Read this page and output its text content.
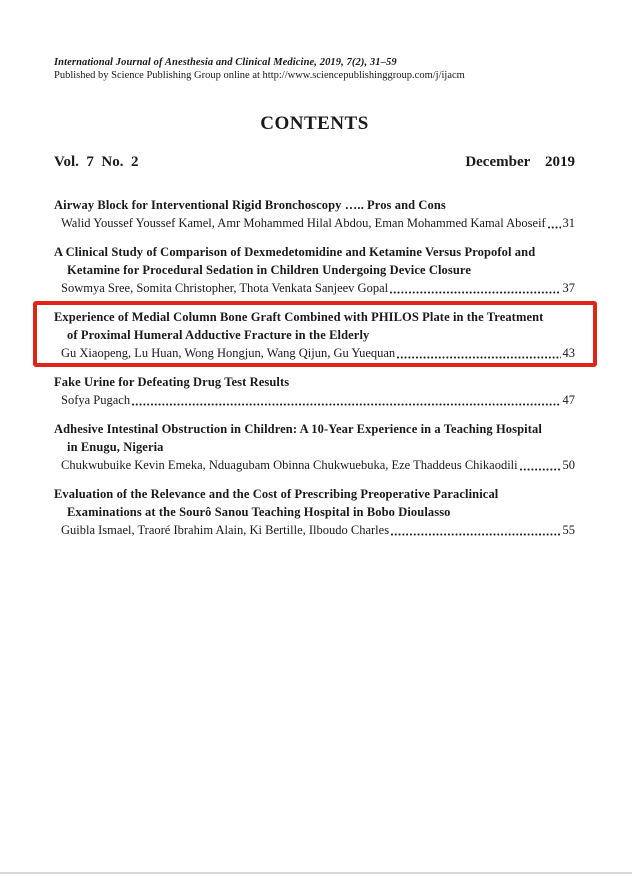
International Journal of Anesthesia and Clinical Medicine, 2019, 7(2), 31–59
Published by Science Publishing Group online at http://www.sciencepublishinggroup.com/j/ijacm
CONTENTS
Vol.  7  No.  2	December    2019
Airway Block for Interventional Rigid Bronchoscopy ….. Pros and Cons
Walid Youssef Youssef Kamel, Amr Mohammed Hilal Abdou, Eman Mohammed Kamal Aboseif 31
A Clinical Study of Comparison of Dexmedetomidine and Ketamine Versus Propofol and
Ketamine for Procedural Sedation in Children Undergoing Device Closure
Sowmya Sree, Somita Christopher, Thota Venkata Sanjeev Gopal	37
Experience of Medial Column Bone Graft Combined with PHILOS Plate in the Treatment
of Proximal Humeral Adductive Fracture in the Elderly
Gu Xiaopeng, Lu Huan, Wong Hongjun, Wang Qijun, Gu Yuequan	43
Fake Urine for Defeating Drug Test Results
Sofya Pugach	47
Adhesive Intestinal Obstruction in Children: A 10-Year Experience in a Teaching Hospital
in Enugu, Nigeria
Chukwubuike Kevin Emeka, Nduagubam Obinna Chukwuebuka, Eze Thaddeus Chikaodili	50
Evaluation of the Relevance and the Cost of Prescribing Preoperative Paraclinical
Examinations at the Sourô Sanou Teaching Hospital in Bobo Dioulasso
Guibla Ismael, Traoré Ibrahim Alain, Ki Bertille, Ilboudo Charles	55
